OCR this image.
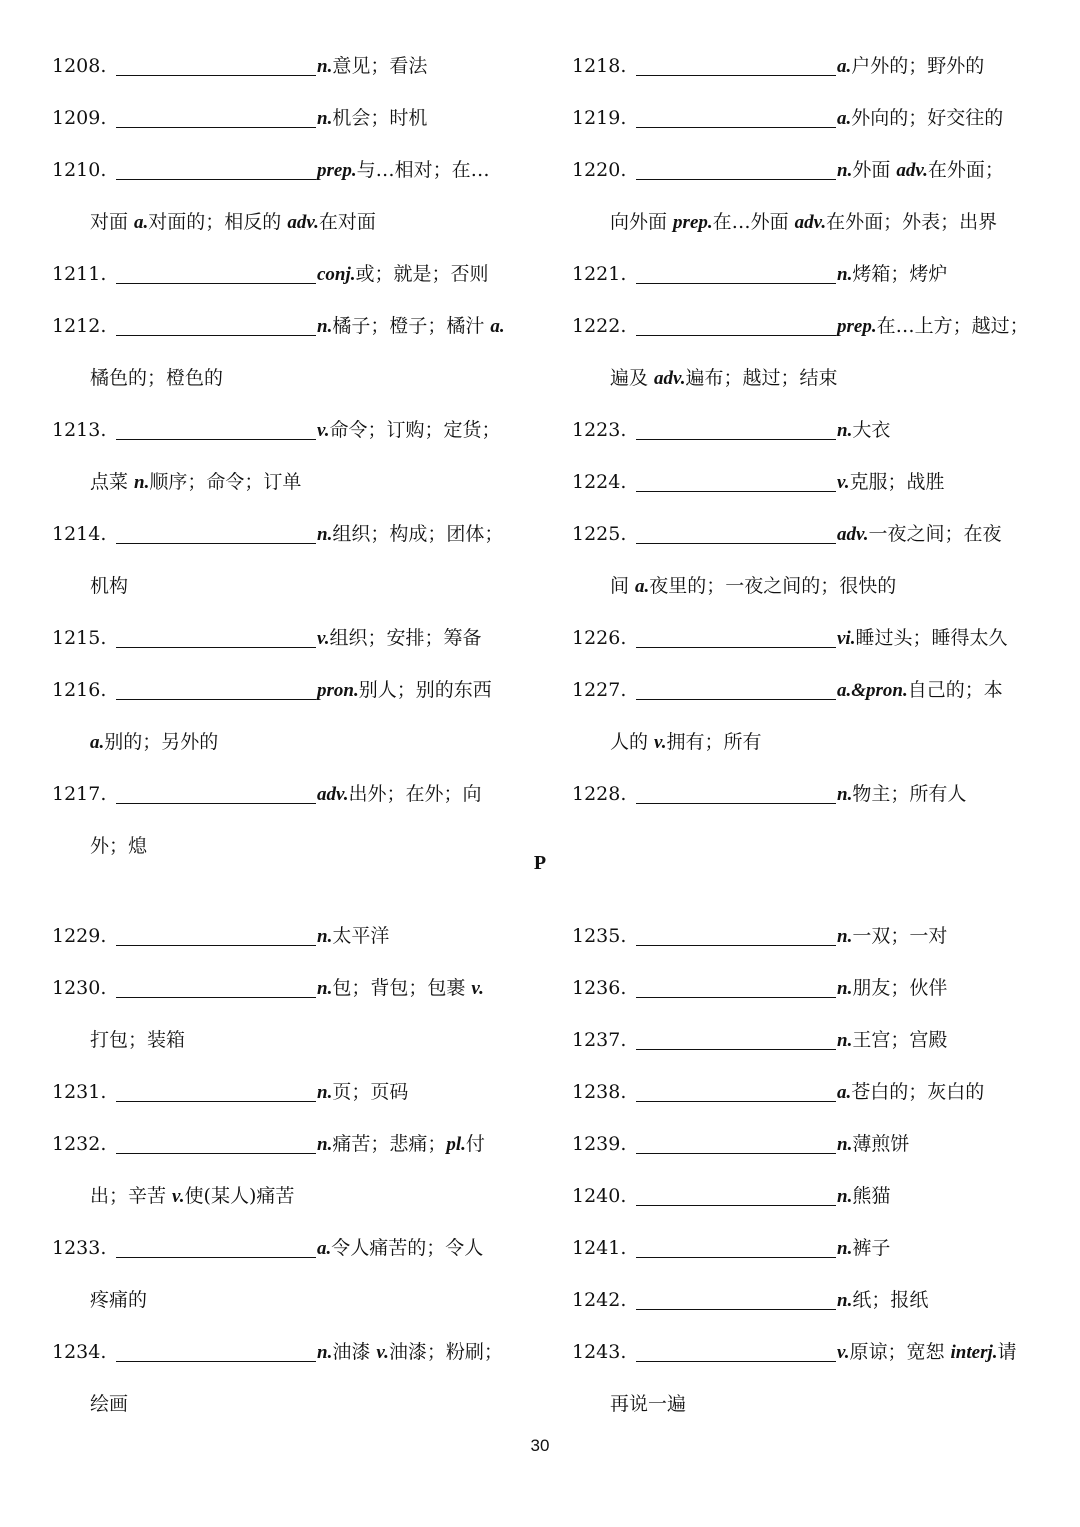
1208.	n.意见；看法
1209.	n.机会；时机
1210.	prep.与…相对；在…
对面 a.对面的；相反的 adv.在对面
1211.	conj.或；就是；否则
1212.	n.橘子；橙子；橘汁 a.
橘色的；橙色的
1213.	v.命令；订购；定货；
点菜 n.顺序；命令；订单
1214.	n.组织；构成；团体；
机构
1215.	v.组织；安排；筹备
1216.	pron.别人；别的东西
a.别的；另外的
1217.	adv.出外；在外；向
外；熄
1218.	a.户外的；野外的
1219.	a.外向的；好交往的
1220.	n.外面 adv.在外面；
向外面 prep.在…外面 adv.在外面；外表；出界
1221.	n.烤箱；烤炉
1222.	prep.在…上方；越过；
遍及 adv.遍布；越过；结束
1223.	n.大衣
1224.	v.克服；战胜
1225.	adv.一夜之间；在夜
间 a.夜里的；一夜之间的；很快的
1226.	vi.睡过头；睡得太久
1227.	a.&pron.自己的；本
人的 v.拥有；所有
1228.	n.物主；所有人
P
1229.	n.太平洋
1230.	n.包；背包；包裹 v.
打包；装箱
1231.	n.页；页码
1232.	n.痛苦；悲痛；pl.付
出；辛苦 v.使(某人)痛苦
1233.	a.令人痛苦的；令人
疼痛的
1234.	n.油漆 v.油漆；粉刷；
绘画
1235.	n.一双；一对
1236.	n.朋友；伙伴
1237.	n.王宫；宫殿
1238.	a.苍白的；灰白的
1239.	n.薄煎饼
1240.	n.熊猫
1241.	n.裤子
1242.	n.纸；报纸
1243.	v.原谅；宽恕 interj.请
再说一遍
30
